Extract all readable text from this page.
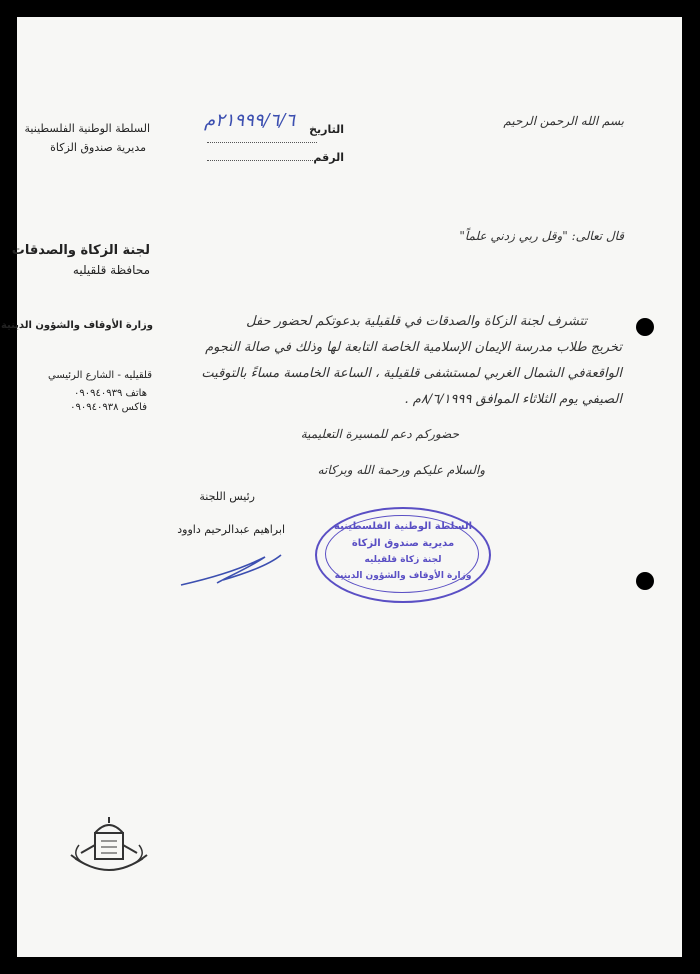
السلطة الوطنية الفلسطينية
مديرية صندوق الزكاة
لجنة الزكاة والصدقات
محافظة قلقيليه
وزارة الأوقاف والشؤون الدينية
قلقيليه - الشارع الرئيسي
هاتف ٠٩٠٩٤٠٩٣٩
فاكس ٠٩٠٩٤٠٩٣٨
التاريخ
٢١٩٩٩/٦/٦م
الرقم
بسم الله الرحمن الرحيم
قال تعالى: "وقل ربي زدني علماً"
تتشرف لجنة الزكاة والصدقات في قلقيلية بدعوتكم لحضور حفل
تخريج طلاب مدرسة الإيمان الإسلامية الخاصة التابعة لها وذلك في صالة النجوم
الواقعةفي الشمال الغربي لمستشفى قلقيلية ، الساعة الخامسة مساءً بالتوقيت
الصيفي يوم الثلاثاء الموافق ٨/٦/١٩٩٩م .
حضوركم دعم للمسيرة التعليمية
والسلام عليكم ورحمة الله وبركاته
رئيس اللجنة
ابراهيم عبدالرحيم داوود	السلطة الوطنية الفلسطينية
مديرية صندوق الزكاة
لجنة زكاة قلقيليه
وزارة الأوقاف والشؤون الدينية
